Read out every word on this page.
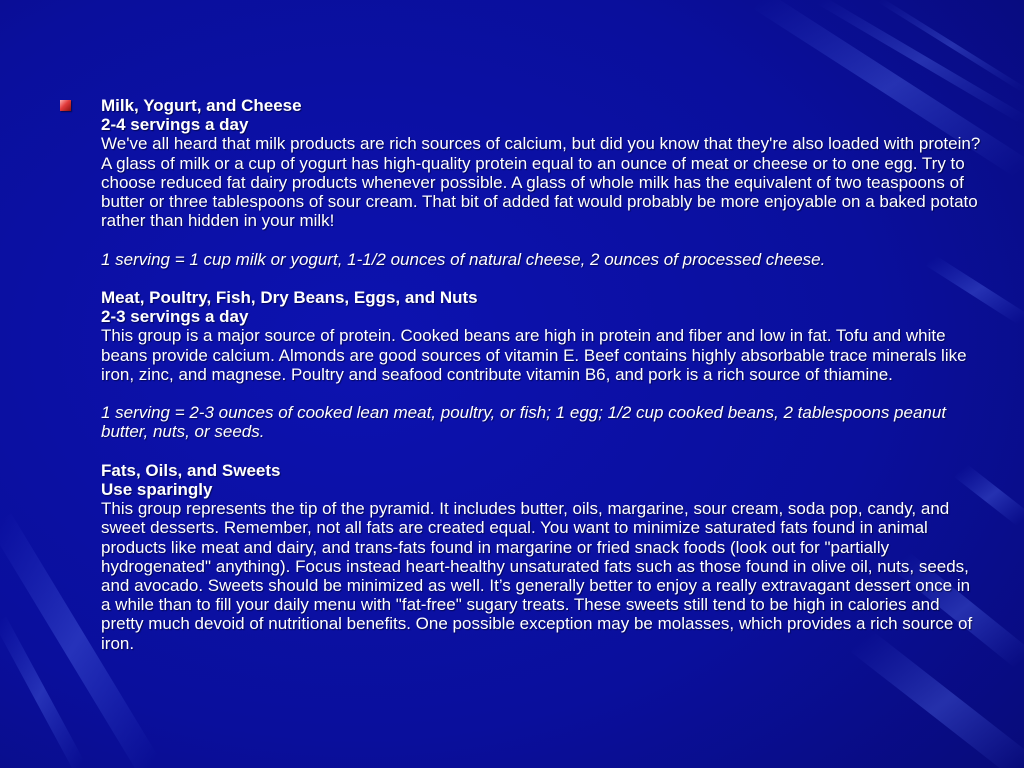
Milk, Yogurt, and Cheese
2-4 servings a day

We've all heard that milk products are rich sources of calcium, but did you know that they're also loaded with protein? A glass of milk or a cup of yogurt has high-quality protein equal to an ounce of meat or cheese or to one egg. Try to choose reduced fat dairy products whenever possible. A glass of whole milk has the equivalent of two teaspoons of butter or three tablespoons of sour cream. That bit of added fat would probably be more enjoyable on a baked potato rather than hidden in your milk!

1 serving = 1 cup milk or yogurt, 1-1/2 ounces of natural cheese, 2 ounces of processed cheese.

Meat, Poultry, Fish, Dry Beans, Eggs, and Nuts
2-3 servings a day

This group is a major source of protein. Cooked beans are high in protein and fiber and low in fat. Tofu and white beans provide calcium. Almonds are good sources of vitamin E. Beef contains highly absorbable trace minerals like iron, zinc, and magnese. Poultry and seafood contribute vitamin B6, and pork is a rich source of thiamine.

1 serving = 2-3 ounces of cooked lean meat, poultry, or fish; 1 egg; 1/2 cup cooked beans, 2 tablespoons peanut butter, nuts, or seeds.

Fats, Oils, and Sweets
Use sparingly

This group represents the tip of the pyramid. It includes butter, oils, margarine, sour cream, soda pop, candy, and sweet desserts. Remember, not all fats are created equal. You want to minimize saturated fats found in animal products like meat and dairy, and trans-fats found in margarine or fried snack foods (look out for "partially hydrogenated" anything). Focus instead heart-healthy unsaturated fats such as those found in olive oil, nuts, seeds, and avocado. Sweets should be minimized as well. It’s generally better to enjoy a really extravagant dessert once in a while than to fill your daily menu with "fat-free" sugary treats. These sweets still tend to be high in calories and pretty much devoid of nutritional benefits. One possible exception may be molasses, which provides a rich source of iron.
